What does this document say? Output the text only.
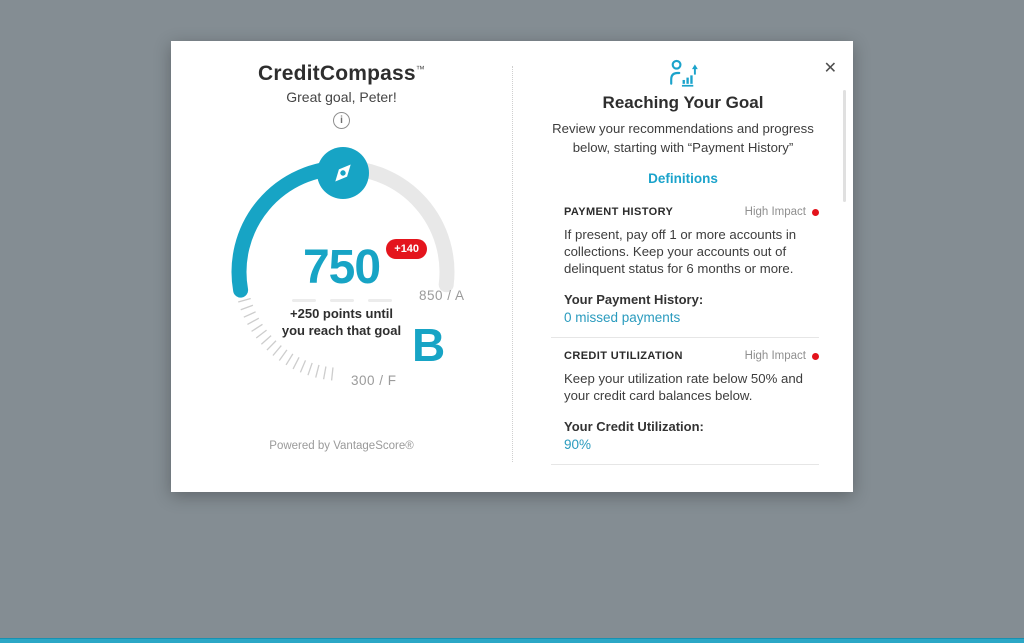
CreditCompass™
Great goal, Peter!
i
750	+140
+250 points until
you reach that goal
850 / A
B
300 / F
Powered by VantageScore®
Reaching Your Goal
Review your recommendations and progress below, starting with “Payment History”
Definitions
PAYMENT HISTORY	High Impact
If present, pay off 1 or more accounts in collections. Keep your accounts out of delinquent status for 6 months or more.
Your Payment History:
0 missed payments
CREDIT UTILIZATION	High Impact
Keep your utilization rate below 50% and your credit card balances below.
Your Credit Utilization:
90%
✕
